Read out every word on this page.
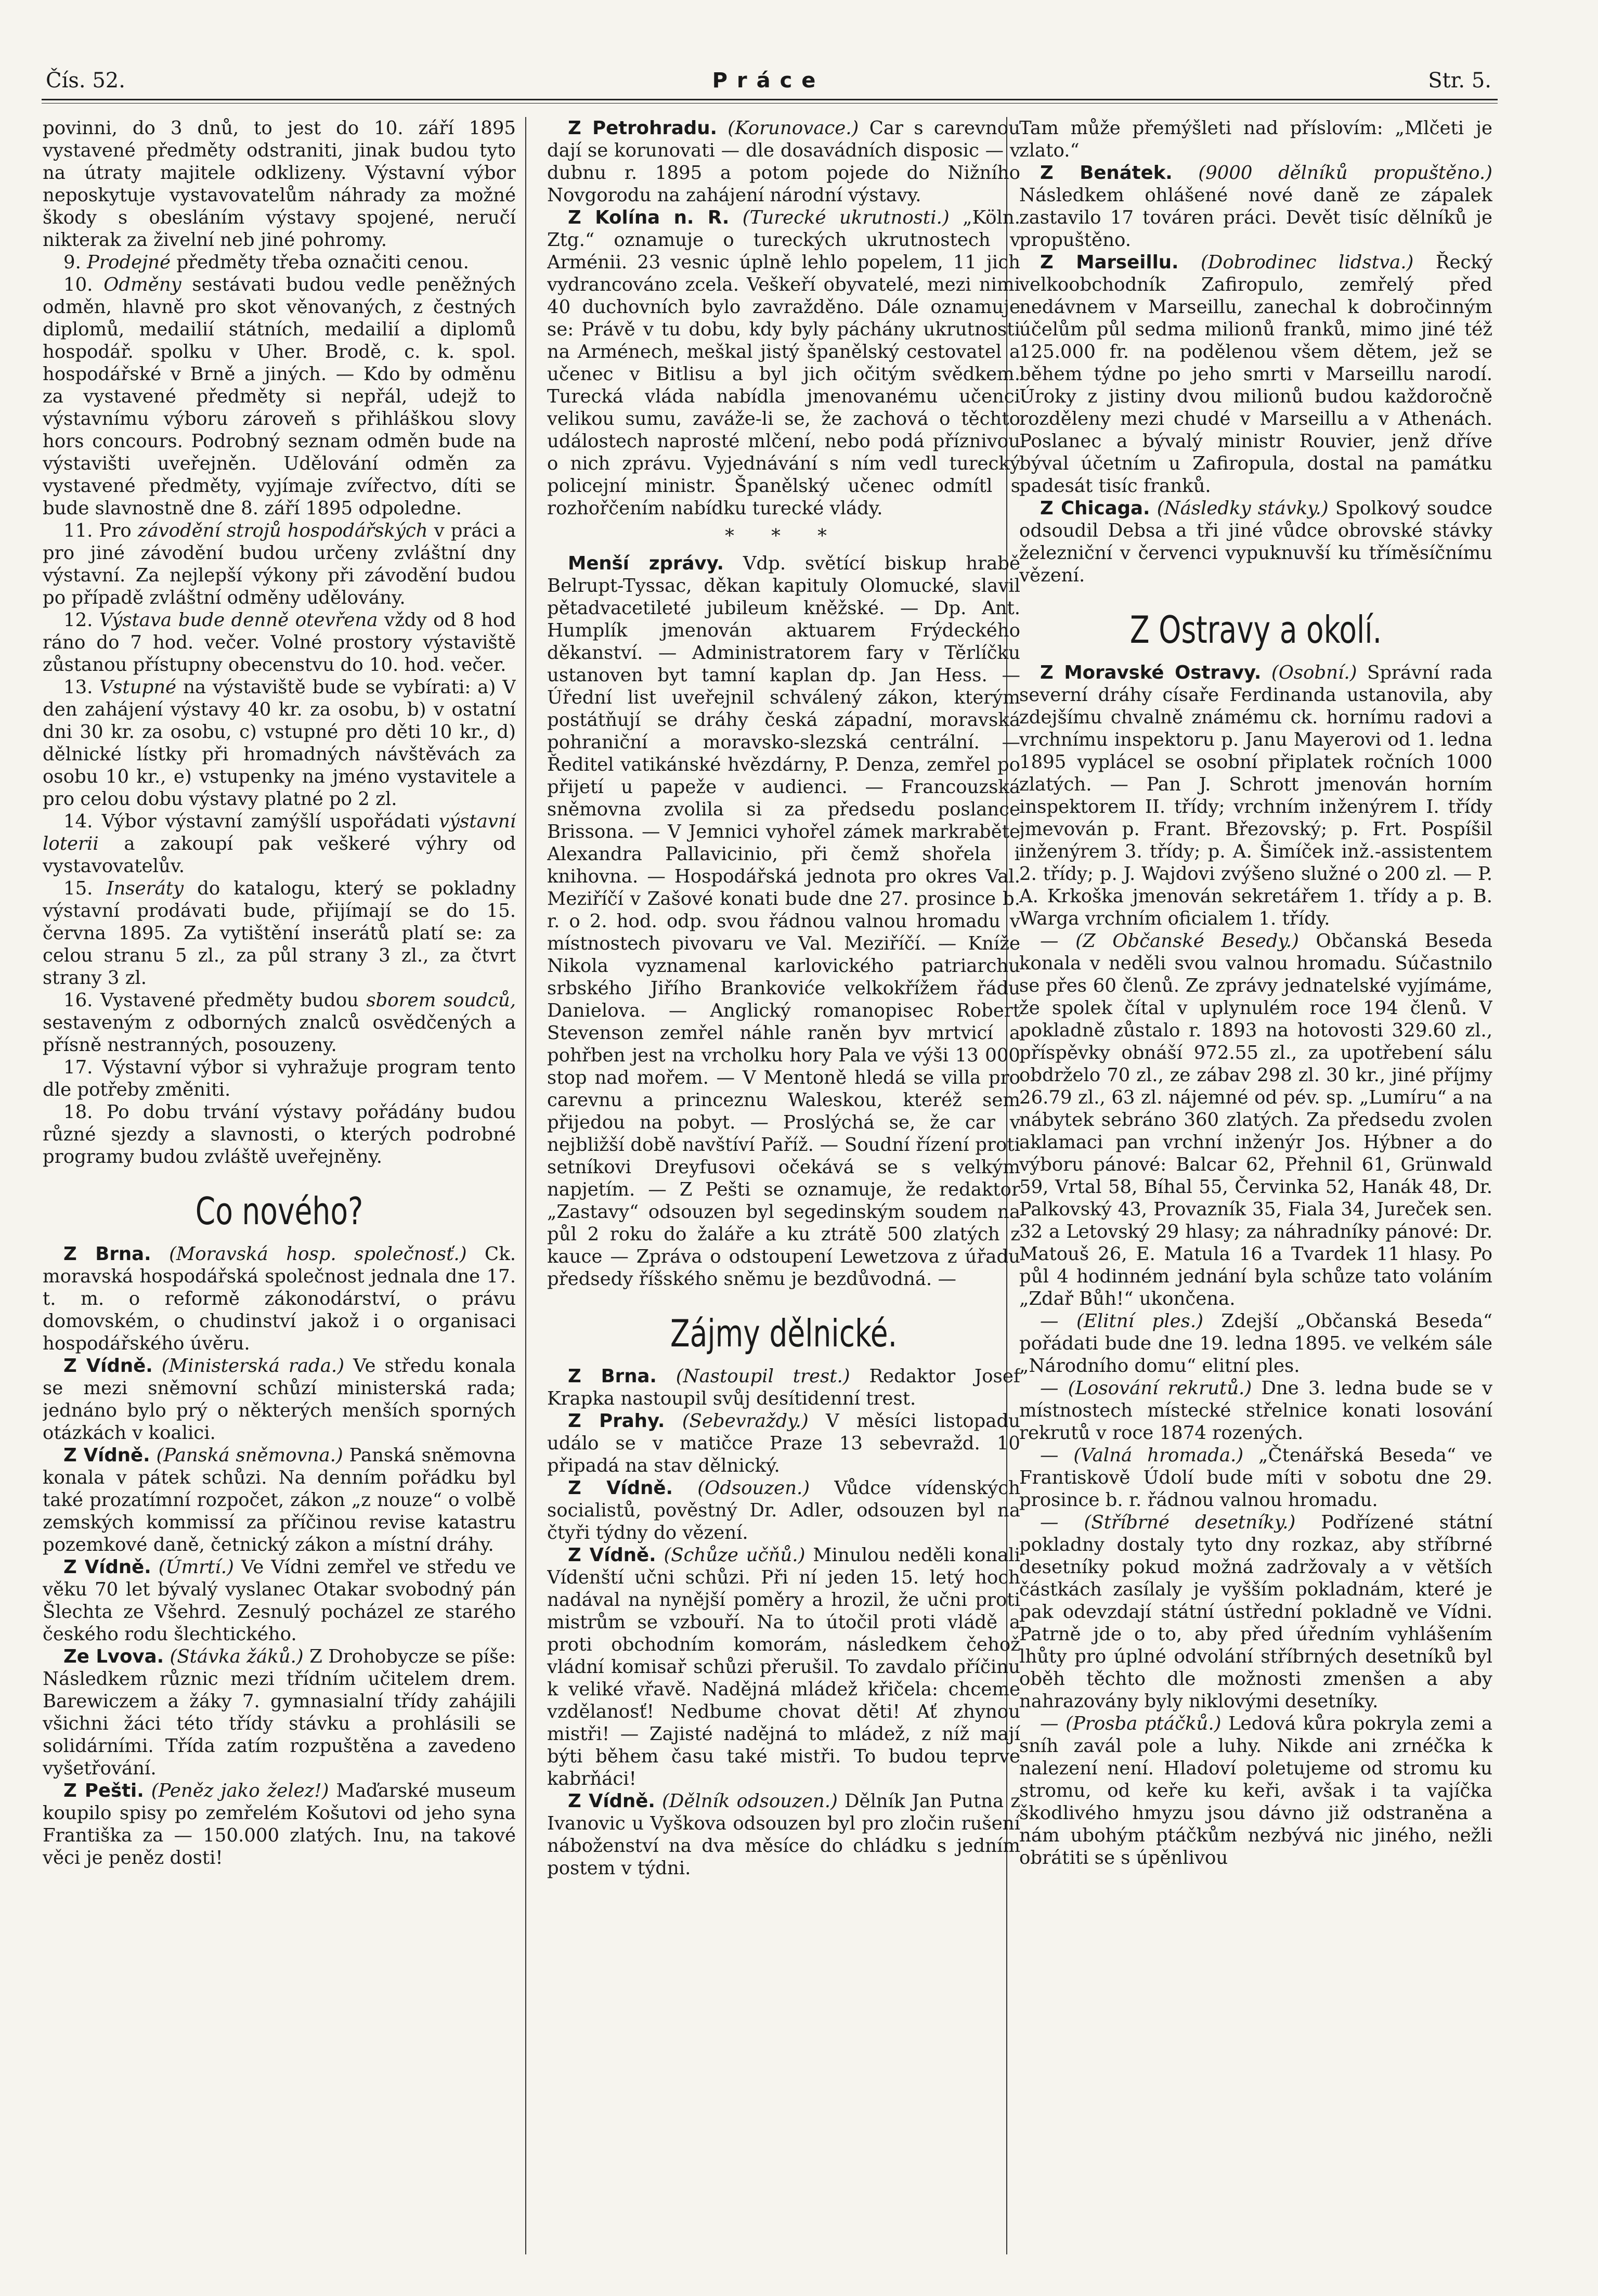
Čís. 52.	Práce	Str. 5.

povinni, do 3 dnů, to jest do 10. září 1895 vystavené předměty odstraniti, jinak budou tyto na útraty majitele odklizeny. Výstavní výbor neposkytuje vystavovatelům náhrady za možné škody s obesláním výstavy spojené, neručí nikterak za živelní neb jiné pohromy.

9. Prodejné předměty třeba označiti cenou.

10. Odměny sestávati budou vedle peněžných odměn, hlavně pro skot věnovaných, z čestných diplomů, medailií státních, medailií a diplomů hospodář. spolku v Uher. Brodě, c. k. spol. hospodářské v Brně a jiných. — Kdo by odměnu za vystavené předměty si nepřál, udejž to výstavnímu výboru zároveň s přihláškou slovy hors concours. Podrobný seznam odměn bude na výstavišti uveřejněn. Udělování odměn za vystavené předměty, vyjímaje zvířectvo, díti se bude slavnostně dne 8. září 1895 odpoledne.

11. Pro závodění strojů hospodářských v práci a pro jiné závodění budou určeny zvláštní dny výstavní. Za nejlepší výkony při závodění budou po případě zvláštní odměny udělovány.

12. Výstava bude denně otevřena vždy od 8 hod ráno do 7 hod. večer. Volné prostory výstaviště zůstanou přístupny obecenstvu do 10. hod. večer.

13. Vstupné na výstaviště bude se vybírati: a) V den zahájení výstavy 40 kr. za osobu, b) v ostatní dni 30 kr. za osobu, c) vstupné pro děti 10 kr., d) dělnické lístky při hromadných návštěvách za osobu 10 kr., e) vstupenky na jméno vystavitele a pro celou dobu výstavy platné po 2 zl.

14. Výbor výstavní zamýšlí uspořádati výstavní loterii a zakoupí pak veškeré výhry od vystavovatelův.

15. Inseráty do katalogu, který se pokladny výstavní prodávati bude, přijímají se do 15. června 1895. Za vytištění inserátů platí se: za celou stranu 5 zl., za půl strany 3 zl., za čtvrt strany 3 zl.

16. Vystavené předměty budou sborem soudců, sestaveným z odborných znalců osvědčených a přísně nestranných, posouzeny.

17. Výstavní výbor si vyhražuje program tento dle potřeby změniti.

18. Po dobu trvání výstavy pořádány budou různé sjezdy a slavnosti, o kterých podrobné programy budou zvláště uveřejněny.

Co nového?

Z Brna. (Moravská hosp. společnosť.) Ck. moravská hospodářská společnost jednala dne 17. t. m. o reformě zákonodárství, o právu domovském, o chudinství jakož i o organisaci hospodářského úvěru.

Z Vídně. (Ministerská rada.) Ve středu konala se mezi sněmovní schůzí ministerská rada; jednáno bylo prý o některých menších sporných otázkách v koalici.

Z Vídně. (Panská sněmovna.) Panská sněmovna konala v pátek schůzi. Na denním pořádku byl také prozatímní rozpočet, zákon „z nouze“ o volbě zemských kommissí za příčinou revise katastru pozemkové daně, četnický zákon a místní dráhy.

Z Vídně. (Úmrtí.) Ve Vídni zemřel ve středu ve věku 70 let bývalý vyslanec Otakar svobodný pán Šlechta ze Všehrd. Zesnulý pocházel ze starého českého rodu šlechtického.

Ze Lvova. (Stávka žáků.) Z Drohobycze se píše: Následkem různic mezi třídním učitelem drem. Barewiczem a žáky 7. gymnasialní třídy zahájili všichni žáci této třídy stávku a prohlásili se solidárními. Třída zatím rozpuštěna a zavedeno vyšetřování.

Z Pešti. (Peněz jako želez!) Maďarské museum koupilo spisy po zemřelém Košutovi od jeho syna Františka za — 150.000 zlatých. Inu, na takové věci je peněz dosti!

Z Petrohradu. (Korunovace.) Car s carevnou dají se korunovati — dle dosavádních disposic — v dubnu r. 1895 a potom pojede do Nižního Novgorodu na zahájení národní výstavy.

Z Kolína n. R. (Turecké ukrutnosti.) „Köln. Ztg.“ oznamuje o tureckých ukrutnostech v Arménii. 23 vesnic úplně lehlo popelem, 11 jich vydrancováno zcela. Veškeří obyvatelé, mezi nimi 40 duchovních bylo zavražděno. Dále oznamuje se: Právě v tu dobu, kdy byly páchány ukrutnosti na Arménech, meškal jistý španělský cestovatel a učenec v Bitlisu a byl jich očitým svědkem. Turecká vláda nabídla jmenovanému učenci velikou sumu, zaváže-li se, že zachová o těchto událostech naprosté mlčení, nebo podá příznivou o nich zprávu. Vyjednávání s ním vedl turecký policejní ministr. Španělský učenec odmítl s rozhořčením nabídku turecké vlády.

* * *

Menší zprávy. Vdp. světící biskup hrabě Belrupt-Tyssac, děkan kapituly Olomucké, slavil pětadvacetileté jubileum kněžské. — Dp. Ant. Humplík jmenován aktuarem Frýdeckého děkanství. — Administratorem fary v Těrlíčku ustanoven byt tamní kaplan dp. Jan Hess. — Úřední list uveřejnil schválený zákon, kterým postátňují se dráhy česká západní, moravská pohraniční a moravsko-slezská centrální. — Ředitel vatikánské hvězdárny, P. Denza, zemřel po přijetí u papeže v audienci. — Francouzská sněmovna zvolila si za předsedu poslance Brissona. — V Jemnici vyhořel zámek markraběte Alexandra Pallavicinio, při čemž shořela i knihovna. — Hospodářská jednota pro okres Val. Meziříčí v Zašové konati bude dne 27. prosince b. r. o 2. hod. odp. svou řádnou valnou hromadu v místnostech pivovaru ve Val. Meziříčí. — Kníže Nikola vyznamenal karlovického patriarchu srbského Jiřího Brankoviće velkokřížem řádu Danielova. — Anglický romanopisec Robert Stevenson zemřel náhle raněn byv mrtvicí a pohřben jest na vrcholku hory Pala ve výši 13 000 stop nad mořem. — V Mentoně hledá se villa pro carevnu a princeznu Waleskou, kteréž sem přijedou na pobyt. — Proslýchá se, že car v nejbližší době navštíví Paříž. — Soudní řízení proti setníkovi Dreyfusovi očekává se s velkým napjetím. — Z Pešti se oznamuje, že redaktor „Zastavy“ odsouzen byl segedinským soudem na půl 2 roku do žaláře a ku ztrátě 500 zlatých z kauce — Zpráva o odstoupení Lewetzova z úřadu předsedy říšského sněmu je bezdůvodná. —

Zájmy dělnické.

Z Brna. (Nastoupil trest.) Redaktor Josef Krapka nastoupil svůj desítidenní trest.

Z Prahy. (Sebevraždy.) V měsíci listopadu událo se v matičce Praze 13 sebevražd. 10 připadá na stav dělnický.

Z Vídně. (Odsouzen.) Vůdce vídenských socialistů, pověstný Dr. Adler, odsouzen byl na čtyři týdny do vězení.

Z Vídně. (Schůze učňů.) Minulou neděli konali Vídenští učni schůzi. Při ní jeden 15. letý hoch nadával na nynější poměry a hrozil, že učni proti mistrům se vzbouří. Na to útočil proti vládě a proti obchodním komorám, následkem čehož vládní komisař schůzi přerušil. To zavdalo příčinu k veliké vřavě. Nadějná mládež křičela: chceme vzdělanosť! Nedbume chovat děti! Ať zhynou mistři! — Zajisté nadějná to mládež, z níž mají býti během času také mistři. To budou teprve kabrňáci!

Z Vídně. (Dělník odsouzen.) Dělník Jan Putna z Ivanovic u Vyškova odsouzen byl pro zločin rušení náboženství na dva měsíce do chládku s jedním postem v týdni.

Tam může přemýšleti nad příslovím: „Mlčeti je zlato.“

Z Benátek. (9000 dělníků propuštěno.) Následkem ohlášené nové daně ze zápalek zastavilo 17 továren práci. Devět tisíc dělníků je propuštěno.

Z Marseillu. (Dobrodinec lidstva.) Řecký velkoobchodník Zafiropulo, zemřelý před nedávnem v Marseillu, zanechal k dobročinným účelům půl sedma milionů franků, mimo jiné též 125.000 fr. na podělenou všem dětem, jež se během týdne po jeho smrti v Marseillu narodí. Úroky z jistiny dvou milionů budou každoročně rozděleny mezi chudé v Marseillu a v Athenách. Poslanec a bývalý ministr Rouvier, jenž dříve býval účetním u Zafiropula, dostal na památku padesát tisíc franků.

Z Chicaga. (Následky stávky.) Spolkový soudce odsoudil Debsa a tři jiné vůdce obrovské stávky železniční v červenci vypuknuvší ku tříměsíčnímu vězení.

Z Ostravy a okolí.

Z Moravské Ostravy. (Osobní.) Správní rada severní dráhy císaře Ferdinanda ustanovila, aby zdejšímu chvalně známému ck. hornímu radovi a vrchnímu inspektoru p. Janu Mayerovi od 1. ledna 1895 vyplácel se osobní připlatek ročních 1000 zlatých. — Pan J. Schrott jmenován horním inspektorem II. třídy; vrchním inženýrem I. třídy jmevován p. Frant. Březovský; p. Frt. Pospíšil inženýrem 3. třídy; p. A. Šimíček inž.-assistentem 2. třídy; p. J. Wajdovi zvýšeno služné o 200 zl. — P. A. Krkoška jmenován sekretářem 1. třídy a p. B. Warga vrchním oficialem 1. třídy.

— (Z Občanské Besedy.) Občanská Beseda konala v neděli svou valnou hromadu. Súčastnilo se přes 60 členů. Ze zprávy jednatelské vyjímáme, že spolek čítal v uplynulém roce 194 členů. V pokladně zůstalo r. 1893 na hotovosti 329.60 zl., příspěvky obnáší 972.55 zl., za upotřebení sálu obdrželo 70 zl., ze zábav 298 zl. 30 kr., jiné příjmy 26.79 zl., 63 zl. nájemné od pév. sp. „Lumíru“ a na nábytek sebráno 360 zlatých. Za předsedu zvolen aklamaci pan vrchní inženýr Jos. Hýbner a do výboru pánové: Balcar 62, Přehnil 61, Grünwald 59, Vrtal 58, Bíhal 55, Červinka 52, Hanák 48, Dr. Palkovský 43, Provazník 35, Fiala 34, Jureček sen. 32 a Letovský 29 hlasy; za náhradníky pánové: Dr. Matouš 26, E. Matula 16 a Tvardek 11 hlasy. Po půl 4 hodinném jednání byla schůze tato voláním „Zdař Bůh!“ ukončena.

— (Elitní ples.) Zdejší „Občanská Beseda“ pořádati bude dne 19. ledna 1895. ve velkém sále „Národního domu“ elitní ples.

— (Losování rekrutů.) Dne 3. ledna bude se v místnostech místecké střelnice konati losování rekrutů v roce 1874 rozených.

— (Valná hromada.) „Čtenářská Beseda“ ve Frantiskově Údolí bude míti v sobotu dne 29. prosince b. r. řádnou valnou hromadu.

— (Stříbrné desetníky.) Podřízené státní pokladny dostaly tyto dny rozkaz, aby stříbrné desetníky pokud možná zadržovaly a v větších částkách zasílaly je vyšším pokladnám, které je pak odevzdají státní ústřední pokladně ve Vídni. Patrně jde o to, aby před úředním vyhlášením lhůty pro úplné odvolání stříbrných desetníků byl oběh těchto dle možnosti zmenšen a aby nahrazovány byly niklovými desetníky.

— (Prosba ptáčků.) Ledová kůra pokryla zemi a sníh zavál pole a luhy. Nikde ani zrnéčka k nalezení není. Hladoví poletujeme od stromu ku stromu, od keře ku keři, avšak i ta vajíčka škodlivého hmyzu jsou dávno již odstraněna a nám ubohým ptáčkům nezbývá nic jiného, nežli obrátiti se s úpěnlivou
